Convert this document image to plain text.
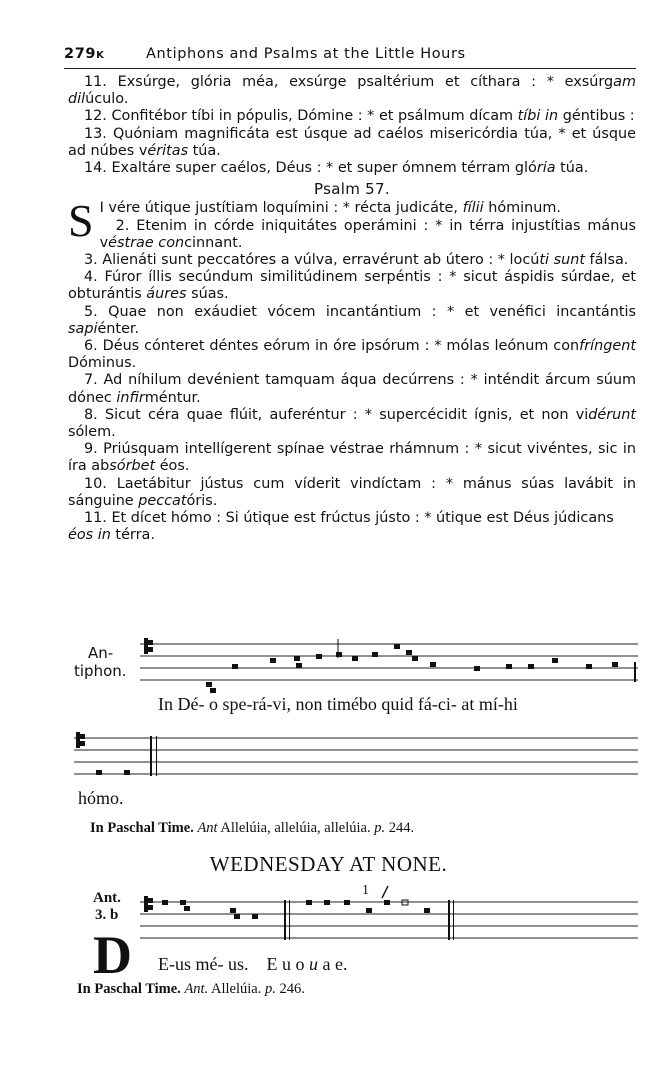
279K	Antiphons and Psalms at the Little Hours

11. Exsúrge, glória méa, exsúrge psaltérium et cíthara : * exsúrgam dilúculo.

12. Confitébor tíbi in pópulis, Dómine : * et psálmum dícam tíbi in géntibus :

13. Quóniam magnificáta est úsque ad caélos misericórdia túa, * et úsque ad núbes véritas túa.

14. Exaltáre super caélos, Déus : * et super ómnem térram glória túa.

Psalm 57.

S I vére útique justítiam loquímini : * récta judicáte, fílii hóminum.

2. Etenim in córde iniquitátes operámini : * in térra injustítias mánus véstrae concinnant.

3. Alienáti sunt peccatóres a vúlva, erravérunt ab útero : * locúti sunt fálsa.

4. Fúror íllis secúndum similitúdinem serpéntis : * sicut áspidis súrdae, et obturántis áures súas.

5. Quae non exáudiet vócem incantántium : * et venéfici incantántis sapiénter.

6. Déus cónteret déntes eórum in óre ipsórum : * mólas leónum confríngent Dóminus.

7. Ad níhilum devénient tamquam áqua decúrrens : * inténdit árcum súum dónec infirméntur.

8. Sicut céra quae flúit, auferéntur : * supercécidit ígnis, et non vidérunt sólem.

9. Priúsquam intellígerent spínae véstrae rhámnum : * sicut vivéntes, sic in íra absórbet éos.

10. Laetábitur jústus cum víderit vindíctam : * mánus súas lavábit in sánguine peccatóris.

11. Et dícet hómo : Si útique est frúctus jústo : * útique est Déus júdicans éos in térra.

An-
tiphon.
In Dé- o spe-rá-vi, non timébo quid fá-ci- at mí-hi
hómo.
In Paschal Time. Ant Allelúia, allelúia, allelúia. p. 244.
WEDNESDAY AT NONE.
Ant.
3. b
1
D E-us mé- us. E u o u a e.
In Paschal Time. Ant. Allelúia. p. 246.
